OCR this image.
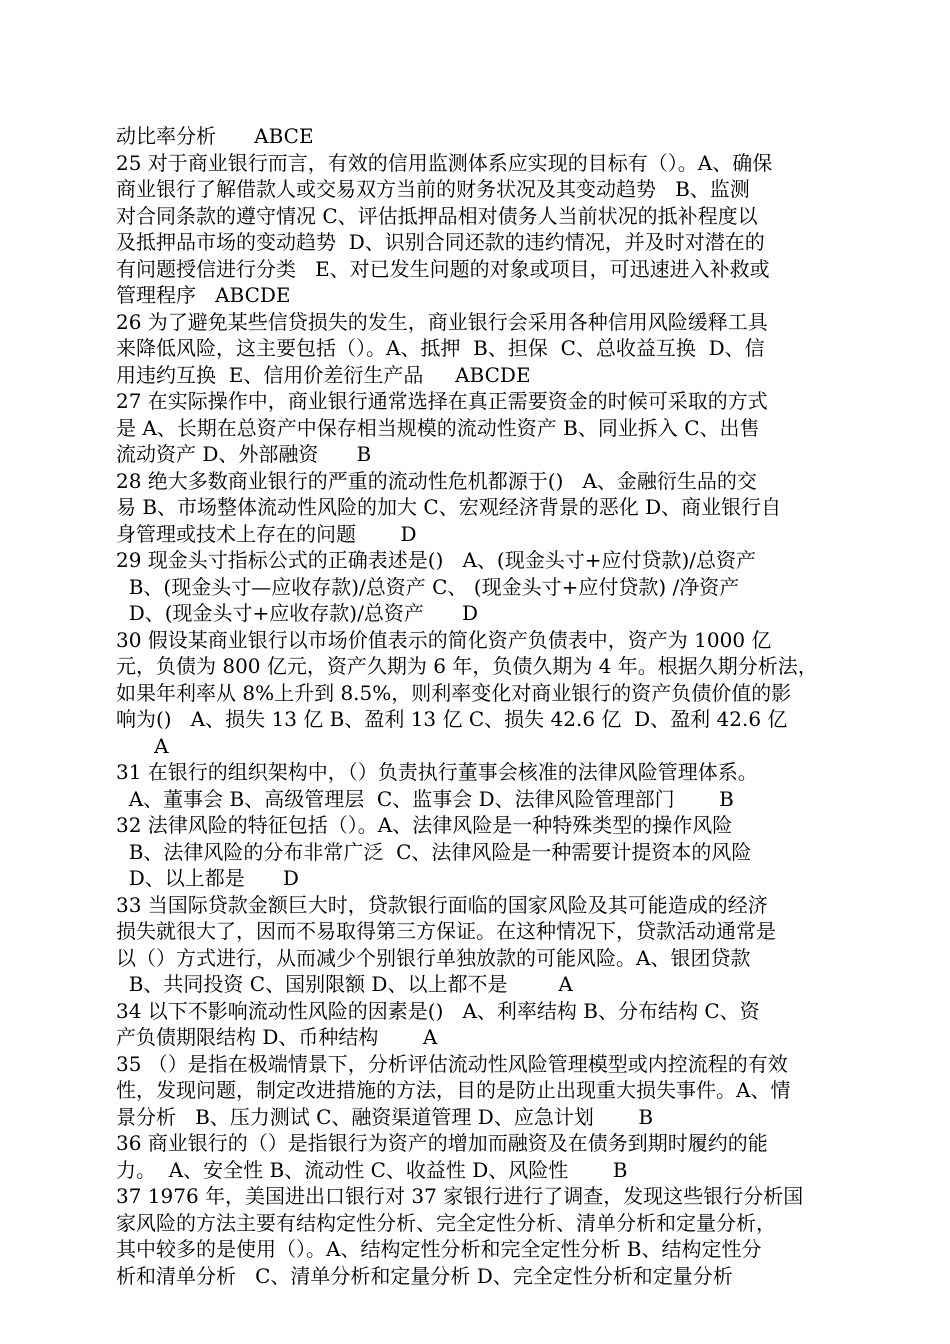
动比率分析      ABCE
25 对于商业银行而言，有效的信用监测体系应实现的目标有（）。A、确保
商业银行了解借款人或交易双方当前的财务状况及其变动趋势   B、监测
对合同条款的遵守情况 C、评估抵押品相对债务人当前状况的抵补程度以
及抵押品市场的变动趋势  D、识别合同还款的违约情况，并及时对潜在的
有问题授信进行分类   E、对已发生问题的对象或项目，可迅速进入补救或
管理程序   ABCDE
26 为了避免某些信贷损失的发生，商业银行会采用各种信用风险缓释工具
来降低风险，这主要包括（）。A、抵押  B、担保  C、总收益互换  D、信
用违约互换  E、信用价差衍生产品     ABCDE
27 在实际操作中，商业银行通常选择在真正需要资金的时候可采取的方式
是 A、长期在总资产中保存相当规模的流动性资产 B、同业拆入 C、出售
流动资产 D、外部融资      B
28 绝大多数商业银行的严重的流动性危机都源于()   A、金融衍生品的交
易 B、市场整体流动性风险的加大 C、宏观经济背景的恶化 D、商业银行自
身管理或技术上存在的问题       D
29 现金头寸指标公式的正确表述是()   A、(现金头寸+应付贷款)/总资产
B、(现金头寸—应收存款)/总资产 C、 (现金头寸+应付贷款) /净资产
D、(现金头寸+应收存款)/总资产      D
30 假设某商业银行以市场价值表示的简化资产负债表中，资产为 1000 亿
元，负债为 800 亿元，资产久期为 6 年，负债久期为 4 年。根据久期分析法，
如果年利率从 8%上升到 8.5%，则利率变化对商业银行的资产负债价值的影
响为()   A、损失 13 亿 B、盈利 13 亿 C、损失 42.6 亿  D、盈利 42.6 亿
A
31 在银行的组织架构中，（）负责执行董事会核准的法律风险管理体系。
A、董事会 B、高级管理层  C、监事会 D、法律风险管理部门       B
32 法律风险的特征包括（）。A、法律风险是一种特殊类型的操作风险
B、法律风险的分布非常广泛  C、法律风险是一种需要计提资本的风险
D、以上都是      D
33 当国际贷款金额巨大时，贷款银行面临的国家风险及其可能造成的经济
损失就很大了，因而不易取得第三方保证。在这种情况下，贷款活动通常是
以（）方式进行，从而减少个别银行单独放款的可能风险。A、银团贷款
B、共同投资 C、国别限额 D、以上都不是        A
34 以下不影响流动性风险的因素是()   A、利率结构 B、分布结构 C、资
产负债期限结构 D、币种结构       A
35 （）是指在极端情景下，分析评估流动性风险管理模型或内控流程的有效
性，发现问题，制定改进措施的方法，目的是防止出现重大损失事件。A、情
景分析   B、压力测试 C、融资渠道管理 D、应急计划       B
36 商业银行的（）是指银行为资产的增加而融资及在债务到期时履约的能
力。  A、安全性 B、流动性 C、收益性 D、风险性       B
37 1976 年，美国进出口银行对 37 家银行进行了调查，发现这些银行分析国
家风险的方法主要有结构定性分析、完全定性分析、清单分析和定量分析，
其中较多的是使用（）。A、结构定性分析和完全定性分析 B、结构定性分
析和清单分析   C、清单分析和定量分析 D、完全定性分析和定量分析
